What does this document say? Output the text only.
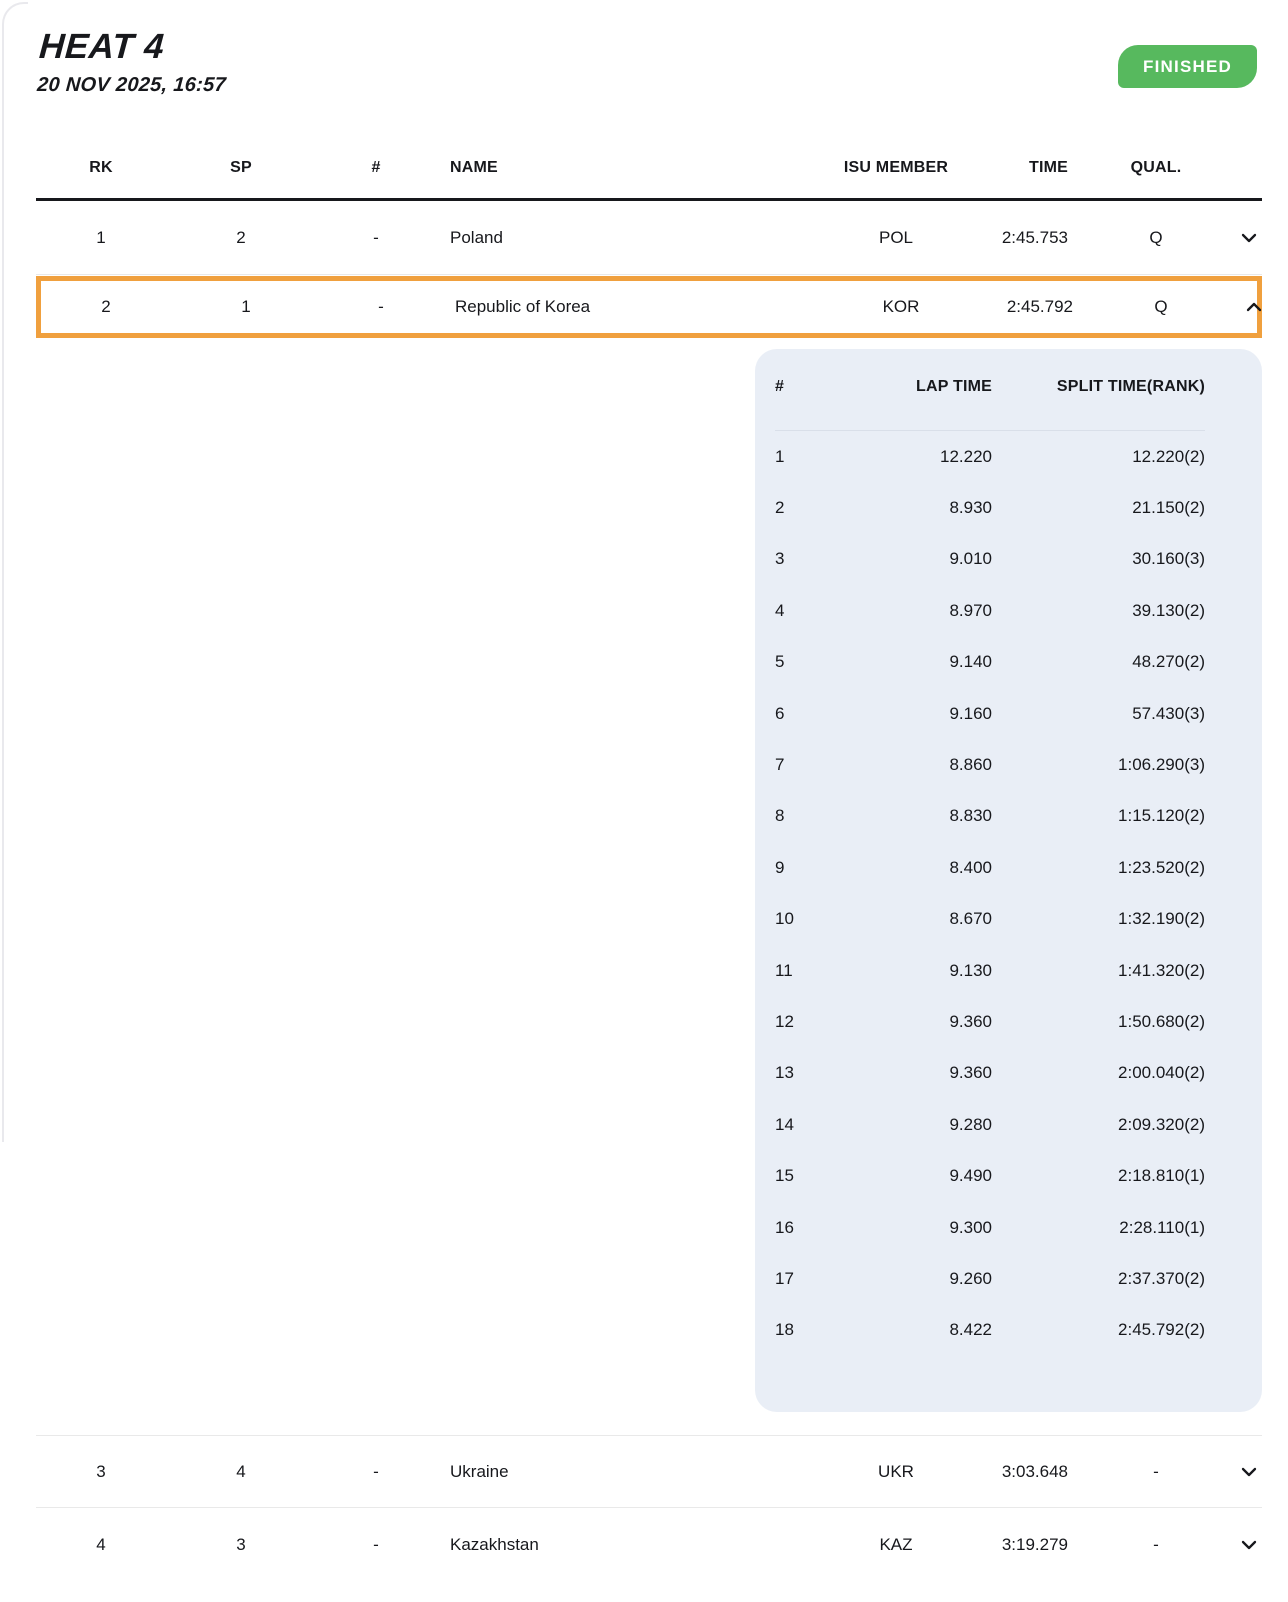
HEAT 4
20 NOV 2025, 16:57
FINISHED
RK	SP	#	NAME	ISU MEMBER	TIME	QUAL.
1	2	-	Poland	POL	2:45.753	Q
2	1	-	Republic of Korea	KOR	2:45.792	Q
#	LAP TIME	SPLIT TIME(RANK)
1	12.220	12.220(2)
2	8.930	21.150(2)
3	9.010	30.160(3)
4	8.970	39.130(2)
5	9.140	48.270(2)
6	9.160	57.430(3)
7	8.860	1:06.290(3)
8	8.830	1:15.120(2)
9	8.400	1:23.520(2)
10	8.670	1:32.190(2)
11	9.130	1:41.320(2)
12	9.360	1:50.680(2)
13	9.360	2:00.040(2)
14	9.280	2:09.320(2)
15	9.490	2:18.810(1)
16	9.300	2:28.110(1)
17	9.260	2:37.370(2)
18	8.422	2:45.792(2)
3	4	-	Ukraine	UKR	3:03.648	-
4	3	-	Kazakhstan	KAZ	3:19.279	-
